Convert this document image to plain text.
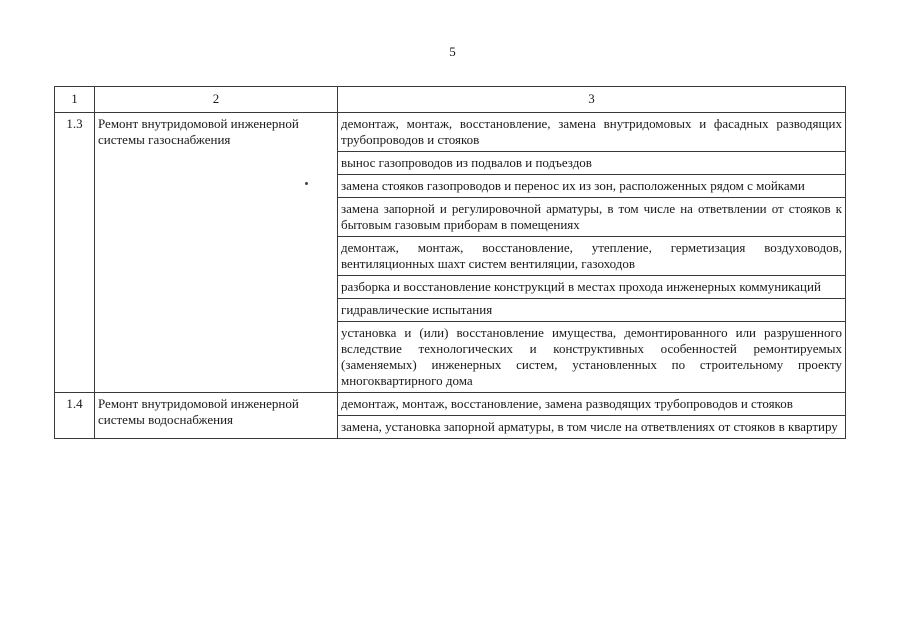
5
1	2	3
1.3	Ремонт внутридомовой инженерной системы газоснабжения	демонтаж, монтаж, восстановление, замена внутридомовых и фасадных разводящих трубопроводов и стояков
		вынос газопроводов из подвалов и подъездов
		замена стояков газопроводов и перенос их из зон, расположенных рядом с мойками
		замена запорной и регулировочной арматуры, в том числе на ответвлении от стояков к бытовым газовым приборам в помещениях
		демонтаж, монтаж, восстановление, утепление, герметизация воздуховодов, вентиляционных шахт систем вентиляции, газоходов
		разборка и восстановление конструкций в местах прохода инженерных коммуникаций
		гидравлические испытания
		установка и (или) восстановление имущества, демонтированного или разрушенного вследствие технологических и конструктивных особенностей ремонтируемых (заменяемых) инженерных систем, установленных по строительному проекту многоквартирного дома
1.4	Ремонт внутридомовой инженерной системы водоснабжения	демонтаж, монтаж, восстановление, замена разводящих трубопроводов и стояков
		замена, установка запорной арматуры, в том числе на ответвлениях от стояков в квартиру
